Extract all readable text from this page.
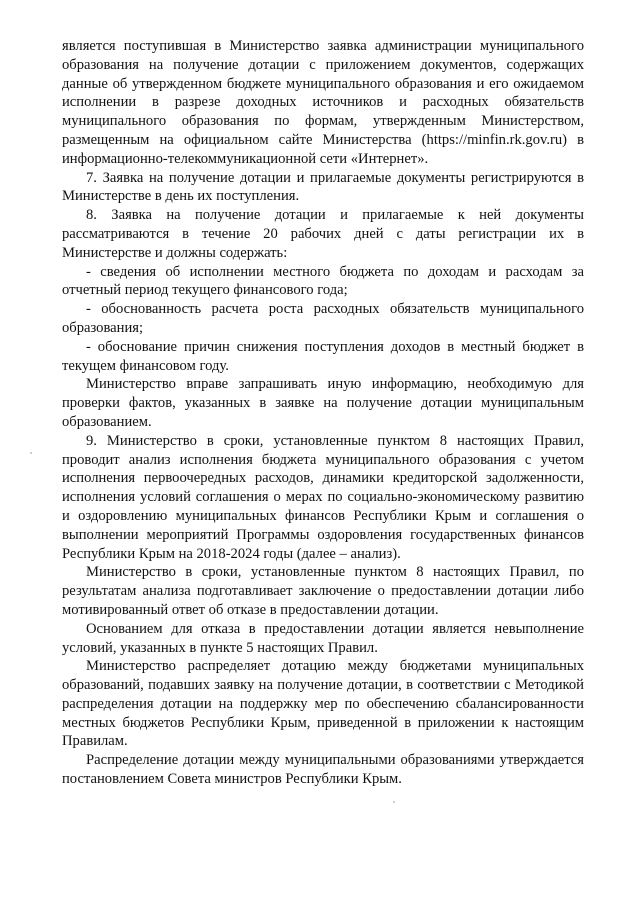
является поступившая в Министерство заявка администрации муниципального образования на получение дотации с приложением документов, содержащих данные об утвержденном бюджете муниципального образования и его ожидаемом исполнении в разрезе доходных источников и расходных обязательств муниципального образования по формам, утвержденным Министерством, размещенным на официальном сайте Министерства (https://minfin.rk.gov.ru) в информационно-телекоммуникационной сети «Интернет».

7. Заявка на получение дотации и прилагаемые документы регистрируются в Министерстве в день их поступления.

8. Заявка на получение дотации и прилагаемые к ней документы рассматриваются в течение 20 рабочих дней с даты регистрации их в Министерстве и должны содержать:

- сведения об исполнении местного бюджета по доходам и расходам за отчетный период текущего финансового года;

- обоснованность расчета роста расходных обязательств муниципального образования;

- обоснование причин снижения поступления доходов в местный бюджет в текущем финансовом году.

Министерство вправе запрашивать иную информацию, необходимую для проверки фактов, указанных в заявке на получение дотации муниципальным образованием.

9. Министерство в сроки, установленные пунктом 8 настоящих Правил, проводит анализ исполнения бюджета муниципального образования с учетом исполнения первоочередных расходов, динамики кредиторской задолженности, исполнения условий соглашения о мерах по социально-экономическому развитию и оздоровлению муниципальных финансов Республики Крым и соглашения о выполнении мероприятий Программы оздоровления государственных финансов Республики Крым на 2018-2024 годы (далее – анализ).

Министерство в сроки, установленные пунктом 8 настоящих Правил, по результатам анализа подготавливает заключение о предоставлении дотации либо мотивированный ответ об отказе в предоставлении дотации.

Основанием для отказа в предоставлении дотации является невыполнение условий, указанных в пункте 5 настоящих Правил.

Министерство распределяет дотацию между бюджетами муниципальных образований, подавших заявку на получение дотации, в соответствии с Методикой распределения дотации на поддержку мер по обеспечению сбалансированности местных бюджетов Республики Крым, приведенной в приложении к настоящим Правилам.

Распределение дотации между муниципальными образованиями утверждается постановлением Совета министров Республики Крым.
